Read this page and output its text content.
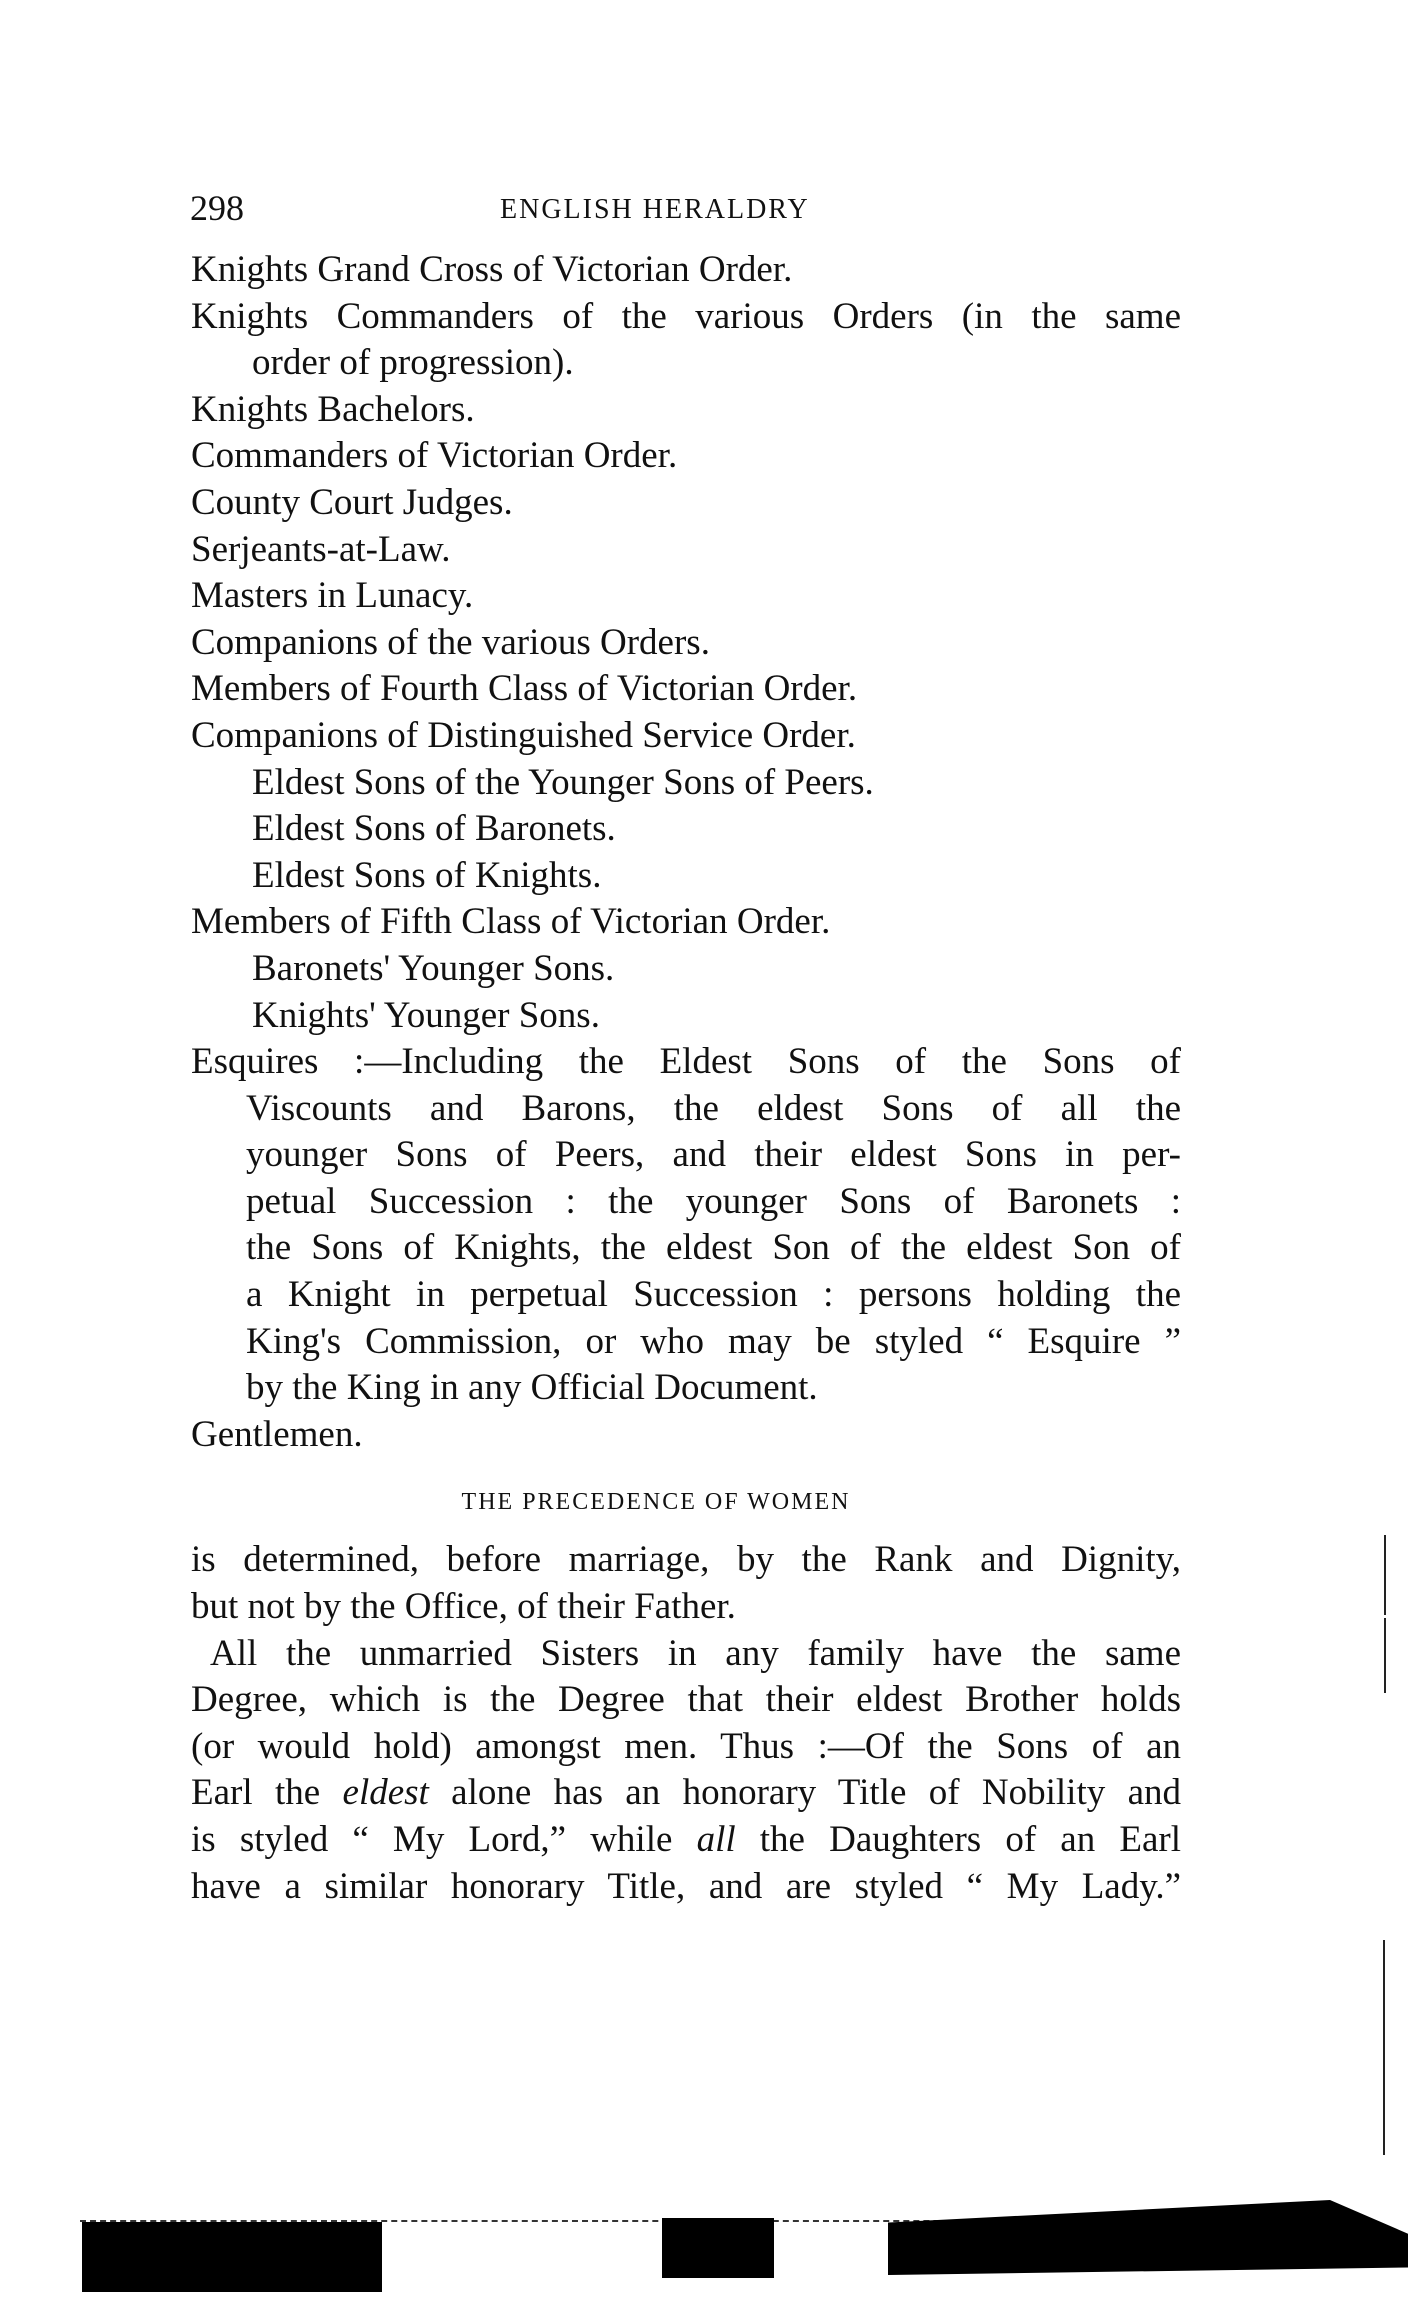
298	ENGLISH HERALDRY
Knights Grand Cross of Victorian Order.
Knights Commanders of the various Orders (in the same
order of progression).
Knights Bachelors.
Commanders of Victorian Order.
County Court Judges.
Serjeants-at-Law.
Masters in Lunacy.
Companions of the various Orders.
Members of Fourth Class of Victorian Order.
Companions of Distinguished Service Order.
Eldest Sons of the Younger Sons of Peers.
Eldest Sons of Baronets.
Eldest Sons of Knights.
Members of Fifth Class of Victorian Order.
Baronets' Younger Sons.
Knights' Younger Sons.
Esquires :—Including the Eldest Sons of the Sons of
Viscounts and Barons, the eldest Sons of all the
younger Sons of Peers, and their eldest Sons in per-
petual Succession : the younger Sons of Baronets :
the Sons of Knights, the eldest Son of the eldest Son of
a Knight in perpetual Succession : persons holding the
King's Commission, or who may be styled “ Esquire ”
by the King in any Official Document.
Gentlemen.
THE PRECEDENCE OF WOMEN
is determined, before marriage, by the Rank and Dignity,
but not by the Office, of their Father.
All the unmarried Sisters in any family have the same
Degree, which is the Degree that their eldest Brother holds
(or would hold) amongst men. Thus :—Of the Sons of an
Earl the eldest alone has an honorary Title of Nobility and
is styled “ My Lord,” while all the Daughters of an Earl
have a similar honorary Title, and are styled “ My Lady.”
